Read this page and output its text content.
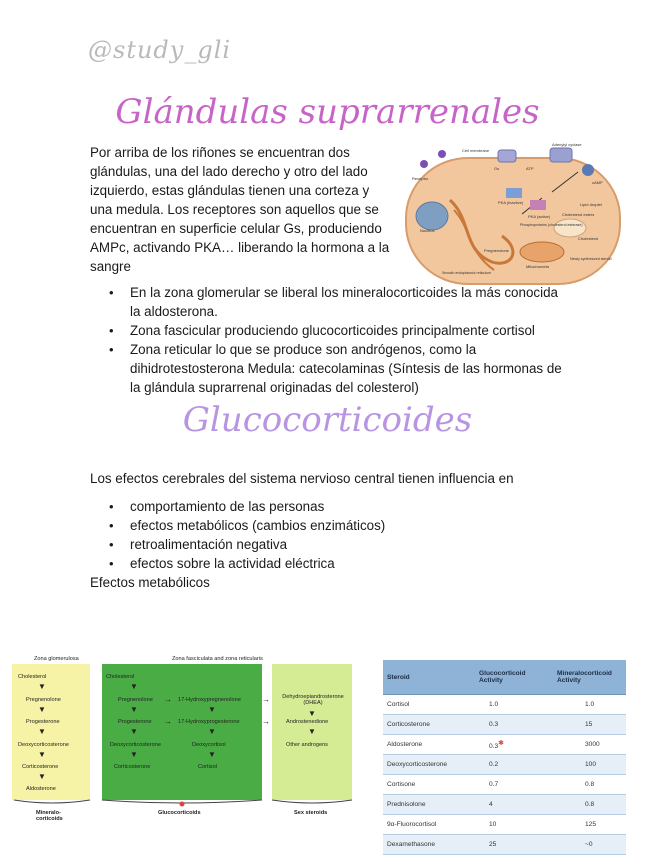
@study_gli
Glándulas suprarrenales
Por arriba de los riñones se encuentran dos glándulas, una del lado derecho y otro del lado izquierdo, estas glándulas tienen una corteza y una medula. Los receptores son aquellos que se encuentran en superficie celular Gs, produciendo AMPc, activando PKA… liberando la hormona a la sangre
Cell membrane
Adenylyl cyclase
Gs
cAMP
ATP
Receptor
PKA (inactive)
PKA (active)
Phosphoproteins (cholesterol esterase)
Cholesterol esters
Cholesterol
Lipid droplet
Nucleus
Smooth endoplasmic reticulum
Mitochondria
Pregnenolone
Newly synthesized steroid
• En la zona glomerular se liberal los mineralocorticoides la más conocida la aldosterona.
• Zona fascicular produciendo glucocorticoides principalmente cortisol
• Zona reticular lo que se produce son andrógenos, como la dihidrotestosterona Medula: catecolaminas (Síntesis de las hormonas de la glándula suprarrenal originadas del colesterol)
Glucocorticoides
Los efectos cerebrales del sistema nervioso central tienen influencia en
• comportamiento de las personas
• efectos metabólicos (cambios enzimáticos)
• retroalimentación negativa
• efectos sobre la actividad eléctrica
Efectos metabólicos
Zona glomerulosa	Zona fasciculata and zona reticularis
Cholesterol
▼
Pregnenolone
▼
Progesterone
▼
Deoxycorticosterone
▼
Corticosterone
▼
Aldosterone
Cholesterol
▼
Pregnenolone
▼
Progesterone
▼
Deoxycorticosterone
▼
Corticosterone
→
→
→
→
17-Hydroxypregnenolone
▼
17-Hydroxyprogesterone
▼
Deoxycortisol
▼
Cortisol
Dehydroepiandrosterone (DHEA)
▼
Androstenedione
▼
Other androgens
Mineralo-corticoids
Glucocorticoids	Sex steroids
Steroid	Glucocorticoid Activity	Mineralocorticoid Activity
Cortisol	1.0	1.0
Corticosterone	0.3	15
Aldosterone	0.3✱	3000
Deoxycorticosterone	0.2	100
Cortisone	0.7	0.8
Prednisolone	4	0.8
9α-Fluorocortisol	10	125
Dexamethasone	25	~0
